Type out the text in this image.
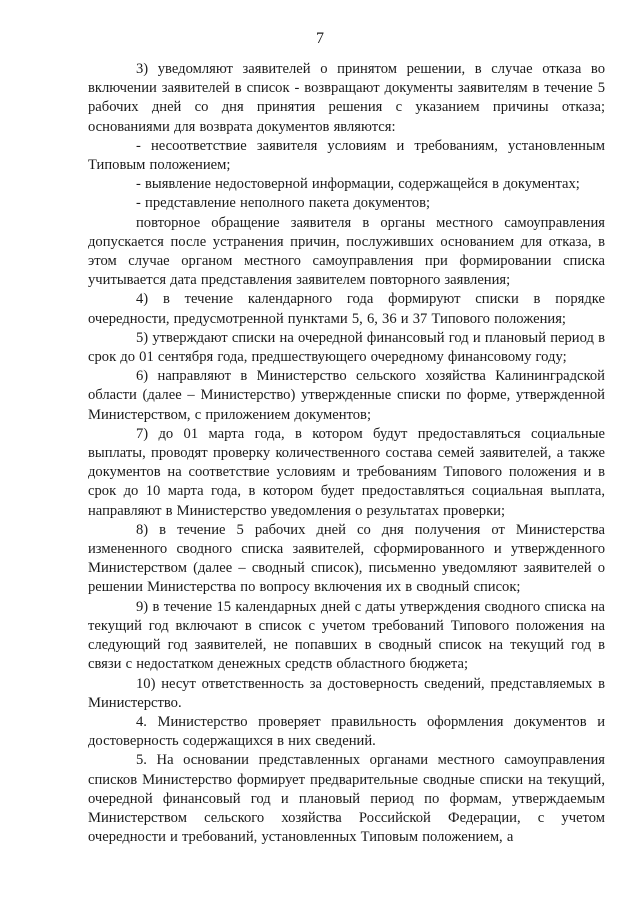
7

3) уведомляют заявителей о принятом решении, в случае отказа во включении заявителей в список - возвращают документы заявителям в течение 5 рабочих дней со дня принятия решения с указанием причины отказа; основаниями для возврата документов являются:

- несоответствие заявителя условиям и требованиям, установленным Типовым положением;

- выявление недостоверной информации, содержащейся в документах;

- представление неполного пакета документов;

повторное обращение заявителя в органы местного самоуправления допускается после устранения причин, послуживших основанием для отказа, в этом случае органом местного самоуправления при формировании списка учитывается дата представления заявителем повторного заявления;

4) в течение календарного года формируют списки в порядке очередности, предусмотренной пунктами 5, 6, 36 и 37 Типового положения;

5) утверждают списки на очередной финансовый год и плановый период в срок до 01 сентября года, предшествующего очередному финансовому году;

6) направляют в Министерство сельского хозяйства Калининградской области (далее – Министерство) утвержденные списки по форме, утвержденной Министерством, с приложением документов;

7) до 01 марта года, в котором будут предоставляться социальные выплаты, проводят проверку количественного состава семей заявителей, а также документов на соответствие условиям и требованиям Типового положения и в срок до 10 марта года, в котором будет предоставляться социальная выплата, направляют в Министерство уведомления о результатах проверки;

8) в течение 5 рабочих дней со дня получения от Министерства измененного сводного списка заявителей, сформированного и утвержденного Министерством (далее – сводный список), письменно уведомляют заявителей о решении Министерства по вопросу включения их в сводный список;

9) в течение 15 календарных дней с даты утверждения сводного списка на текущий год включают в список с учетом требований Типового положения на следующий год заявителей, не попавших в сводный список на текущий год в связи с недостатком денежных средств областного бюджета;

10) несут ответственность за достоверность сведений, представляемых в Министерство.

4. Министерство проверяет правильность оформления документов и достоверность содержащихся в них сведений.

5. На основании представленных органами местного самоуправления списков Министерство формирует предварительные сводные списки на текущий, очередной финансовый год и плановый период по формам, утверждаемым Министерством сельского хозяйства Российской Федерации, с учетом очередности и требований, установленных Типовым положением, а
